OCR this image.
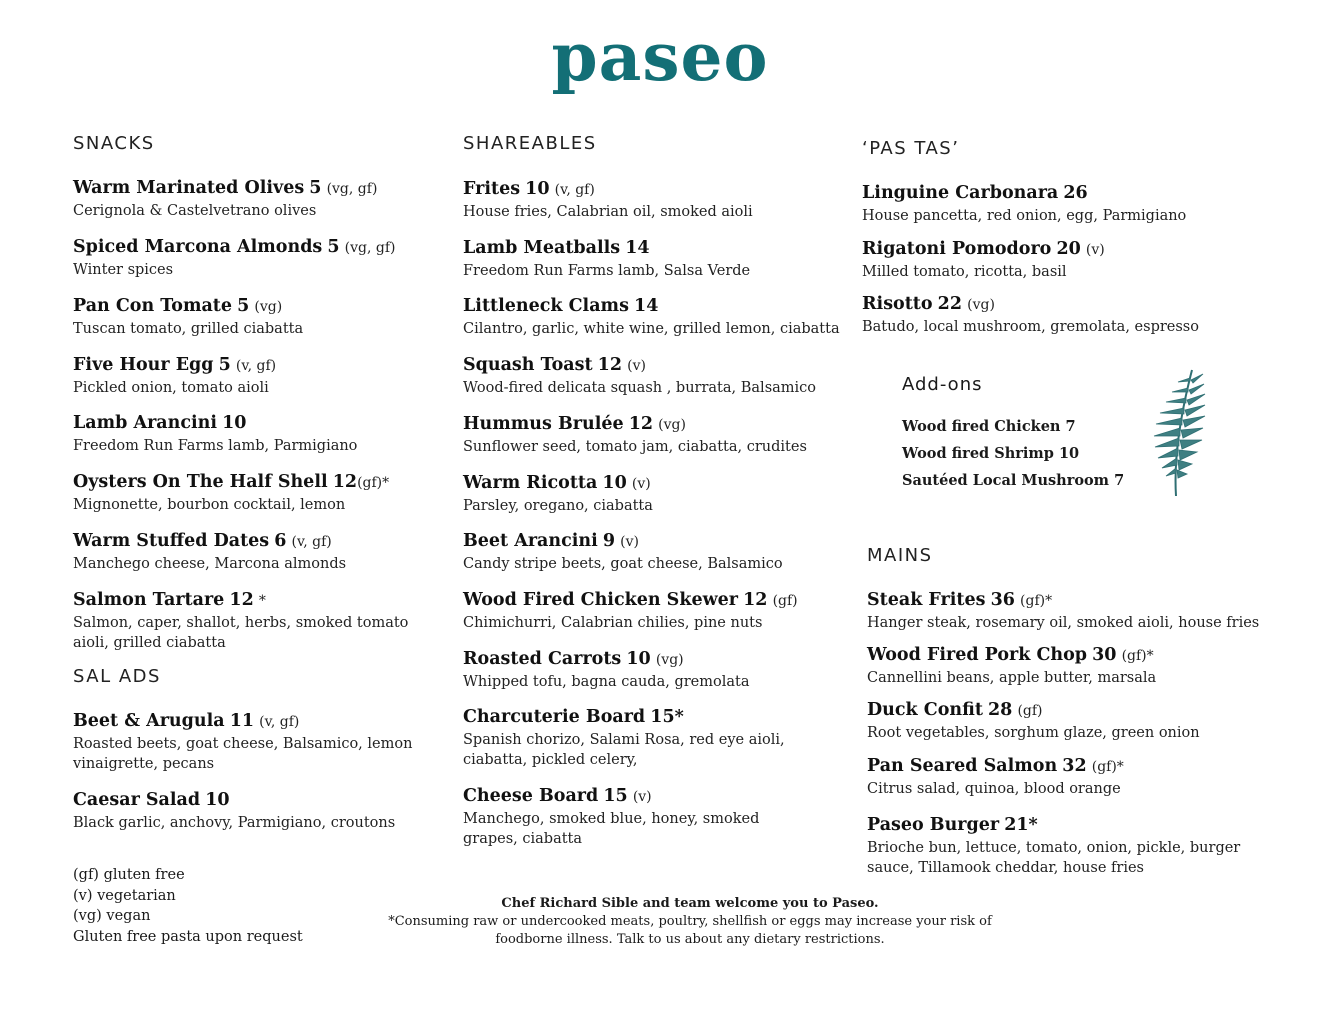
paseo
SNACKS
Warm Marinated Olives 5 (vg, gf)
Cerignola & Castelvetrano olives
Spiced Marcona Almonds 5 (vg, gf)
Winter spices
Pan Con Tomate 5 (vg)
Tuscan tomato, grilled ciabatta
Five Hour Egg 5 (v, gf)
Pickled onion, tomato aioli
Lamb Arancini 10
Freedom Run Farms lamb, Parmigiano
Oysters On The Half Shell 12(gf)*
Mignonette, bourbon cocktail, lemon
Warm Stuffed Dates 6 (v, gf)
Manchego cheese, Marcona almonds
Salmon Tartare 12 *
Salmon, caper, shallot, herbs, smoked tomato aioli, grilled ciabatta
SAL ADS
Beet & Arugula 11 (v, gf)
Roasted beets, goat cheese, Balsamico, lemon vinaigrette, pecans
Caesar Salad 10
Black garlic, anchovy, Parmigiano, croutons
(gf) gluten free
(v) vegetarian
(vg) vegan
Gluten free pasta upon request
SHAREABLES
Frites 10 (v, gf)
House fries, Calabrian oil, smoked aioli
Lamb Meatballs 14
Freedom Run Farms lamb, Salsa Verde
Littleneck Clams 14
Cilantro, garlic, white wine, grilled lemon, ciabatta
Squash Toast 12 (v)
Wood-fired delicata squash , burrata, Balsamico
Hummus Brulée 12 (vg)
Sunflower seed, tomato jam, ciabatta, crudites
Warm Ricotta 10 (v)
Parsley, oregano, ciabatta
Beet Arancini 9 (v)
Candy stripe beets, goat cheese, Balsamico
Wood Fired Chicken Skewer 12 (gf)
Chimichurri, Calabrian chilies, pine nuts
Roasted Carrots 10 (vg)
Whipped tofu, bagna cauda, gremolata
Charcuterie Board 15*
Spanish chorizo, Salami Rosa, red eye aioli, ciabatta, pickled celery,
Cheese Board 15 (v)
Manchego, smoked blue, honey, smoked grapes, ciabatta
‘PAS TAS’
Linguine Carbonara 26
House pancetta, red onion, egg, Parmigiano
Rigatoni Pomodoro 20 (v)
Milled tomato, ricotta, basil
Risotto 22 (vg)
Batudo, local mushroom, gremolata, espresso
Add-ons
Wood fired Chicken 7
Wood fired Shrimp 10
Sautéed Local Mushroom 7
MAINS
Steak Frites 36 (gf)*
Hanger steak, rosemary oil, smoked aioli, house fries
Wood Fired Pork Chop 30 (gf)*
Cannellini beans, apple butter, marsala
Duck Confit 28 (gf)
Root vegetables, sorghum glaze, green onion
Pan Seared Salmon 32 (gf)*
Citrus salad, quinoa, blood orange
Paseo Burger 21*
Brioche bun, lettuce, tomato, onion, pickle, burger sauce, Tillamook cheddar, house fries
Chef Richard Sible and team welcome you to Paseo.
*Consuming raw or undercooked meats, poultry, shellfish or eggs may increase your risk of foodborne illness. Talk to us about any dietary restrictions.
